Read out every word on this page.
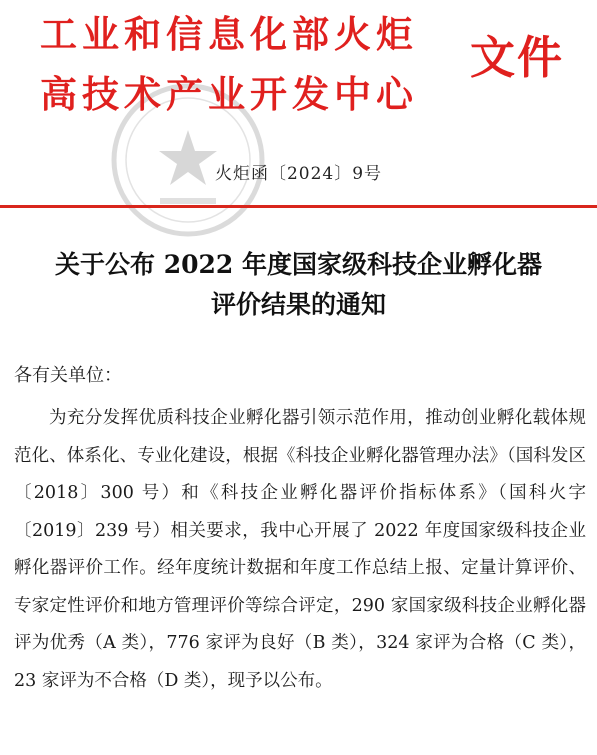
工业和信息化部火炬
高技术产业开发中心
文件
火炬函〔2024〕9号
关于公布 2022 年度国家级科技企业孵化器
评价结果的通知

各有关单位：

为充分发挥优质科技企业孵化器引领示范作用，推动创业孵化载体规范化、体系化、专业化建设，根据《科技企业孵化器管理办法》（国科发区〔2018〕300 号）和《科技企业孵化器评价指标体系》（国科火字〔2019〕239 号）相关要求，我中心开展了 2022 年度国家级科技企业孵化器评价工作。经年度统计数据和年度工作总结上报、定量计算评价、专家定性评价和地方管理评价等综合评定，290 家国家级科技企业孵化器评为优秀（A 类），776 家评为良好（B 类），324 家评为合格（C 类），23 家评为不合格（D 类），现予以公布。
